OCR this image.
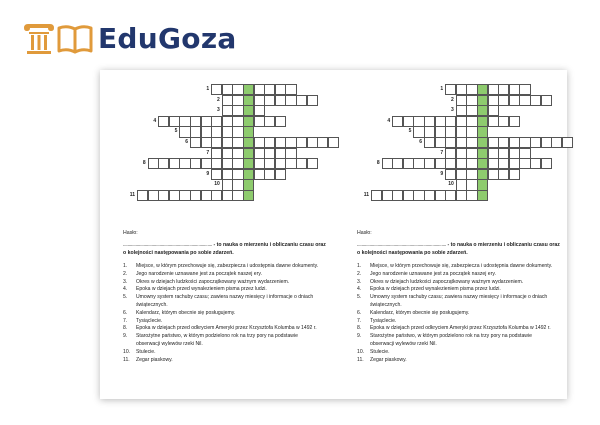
EduGoza
1
2
3
4
5
6
7
8
9
10
11
Hasło:
.............................................................................. - to nauka o mierzeniu i obliczaniu czasu oraz o kolejności następowania po sobie zdarzeń.
1. Miejsce, w którym przechowuje się, zabezpiecza i udostępnia dawne dokumenty.
2. Jego narodzenie uznawane jest za początek naszej ery.
3. Okres w dziejach ludzkości zapoczątkowany ważnym wydarzeniem.
4. Epoka w dziejach przed wynalezieniem pisma przez ludzi.
5. Umowny system rachuby czasu; zawiera nazwy miesięcy i informacje o dniach świątecznych.
6. Kalendarz, którym obecnie się posługujemy.
7. Tysiąclecie.
8. Epoka w dziejach przed odkryciem Ameryki przez Krzysztofa Kolumba w 1492 r.
9. Starożytne państwo, w którym podzielono rok na trzy pory na podstawie obserwacji wylewów rzeki Nil.
10. Stulecie.
11. Zegar piaskowy.
1
2
3
4
5
6
7
8
9
10
11
Hasło:
.............................................................................. - to nauka o mierzeniu i obliczaniu czasu oraz o kolejności następowania po sobie zdarzeń.
1. Miejsce, w którym przechowuje się, zabezpiecza i udostępnia dawne dokumenty.
2. Jego narodzenie uznawane jest za początek naszej ery.
3. Okres w dziejach ludzkości zapoczątkowany ważnym wydarzeniem.
4. Epoka w dziejach przed wynalezieniem pisma przez ludzi.
5. Umowny system rachuby czasu; zawiera nazwy miesięcy i informacje o dniach świątecznych.
6. Kalendarz, którym obecnie się posługujemy.
7. Tysiąclecie.
8. Epoka w dziejach przed odkryciem Ameryki przez Krzysztofa Kolumba w 1492 r.
9. Starożytne państwo, w którym podzielono rok na trzy pory na podstawie obserwacji wylewów rzeki Nil.
10. Stulecie.
11. Zegar piaskowy.
